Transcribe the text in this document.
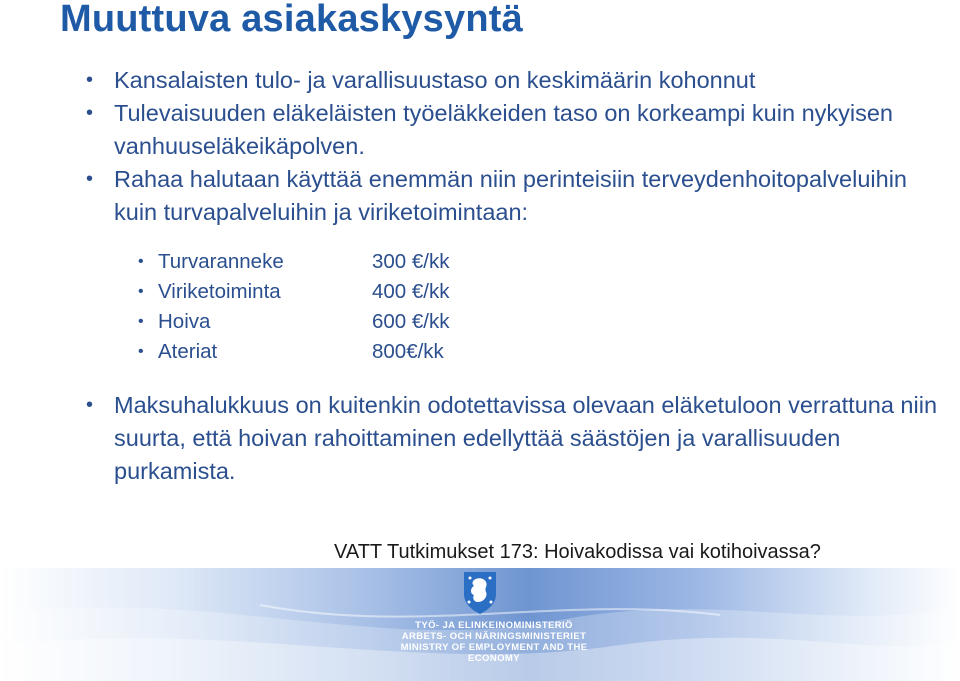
Muuttuva asiakaskysyntä
• Kansalaisten tulo- ja varallisuustaso on keskimäärin kohonnut
• Tulevaisuuden eläkeläisten työeläkkeiden taso on korkeampi kuin nykyisen vanhuuseläkeikäpolven.
• Rahaa halutaan käyttää enemmän niin perinteisiin terveydenhoitopalveluihin kuin turvapalveluihin ja viriketoimintaan:
• Turvaranneke	300 €/kk
• Viriketoiminta	400 €/kk
• Hoiva	600 €/kk
• Ateriat	800€/kk
• Maksuhalukkuus on kuitenkin odotettavissa olevaan eläketuloon verrattuna niin suurta, että hoivan rahoittaminen edellyttää säästöjen ja varallisuuden purkamista.
VATT Tutkimukset 173: Hoivakodissa vai kotihoivassa?
TYÖ- JA ELINKEINOMINISTERIÖ
ARBETS- OCH NÄRINGSMINISTERIET
MINISTRY OF EMPLOYMENT AND THE ECONOMY
